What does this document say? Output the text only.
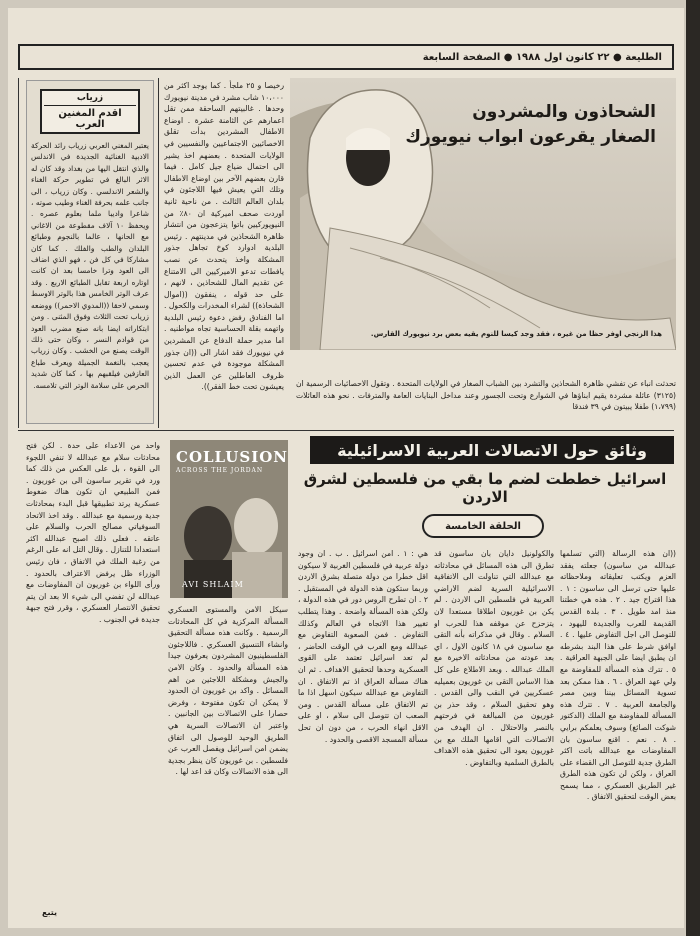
الطليعة ● ٢٢ كانون اول ١٩٨٨ ● الصفحة السابعة
الشحاذون والمشردون
الصغار يقرعون ابواب نيويورك
هذا الزنجي اوفر حظا من غيره ، فقد وجد كيسا للنوم يقيه بعض برد نيويورك القارس.
تحدثت انباء عن تفشي ظاهرة الشحاذين والتشرد بين الشباب الصغار في الولايات المتحدة . وتقول الاحصائيات الرسمية ان (٣١٢٥) عائلة مشردة يقيم ابناؤها في الشوارع وتحت الجسور وعند مداخل البنايات العامة والمترفات . نحو هذه العائلات (١،٧٩٩) طفلا يبيتون في ٣٩ فندقا
رخيصا و ٢٥ ملجأ . كما يوجد اكثر من ١٠،٠٠٠ شاب مشرد في مدينة نيويورك وحدها . غالبيتهم الساحقة ممن تقل اعمارهم عن الثامنة عشرة . اوضاع الاطفال المشردين بدأت تقلق الاخصائيين الاجتماعيين والنفسيين في الولايات المتحدة . بعضهم اخذ يشير الى احتمال ضياع جيل كامل . فيما قارن بعضهم الآخر بين اوضاع الاطفال وتلك التي يعيش فيها اللاجئون في بلدان العالم الثالث . من ناحية ثانية اوردت صحف اميركية ان ٨٠٪ من النيويوركيين باتوا يتزعجون من انتشار ظاهرة الشحاذين في مدينتهم . رئيس البلدية ادوارد كوخ تجاهل جذور المشكلة واخذ يتحدث عن نصب يافطات تدعو الاميركيين الى الامتناع عن تقديم المال للشحاذين ، لانهم ، على حد قوله ، ينفقون ((اموال الشحاذة)) لشراء المخدرات والكحول . اما الفنادق رفض دعوة رئيس البلدية واتهمه بقلة الحساسية تجاه مواطنيه . اما مدير حملة الدفاع عن المشردين في نيويورك فقد اشار الى ((ان جذور المشكلة موجودة في عدم تحسين ظروف العاطلين عن العمل الذين يعيشون تحت خط الفقر)).
زرياب
اقدم المغنين العرب
يعتبر المغني العربي زرياب رائد الحركة الادبية الغنائية الجديدة في الاندلس والذي انتقل اليها من بغداد وقد كان له الاثر البالغ في تطوير حركة الغناء والشعر الاندلسي . وكان زرياب ، الى جانب علمه بحرفة الغناء وطيب صوته ، شاعرا واديبا ملما بعلوم عصره . ويحفظ ١٠ آلاف مقطوعة من الاغاني مع الحانها ، عالما بالنجوم وطبائع البلدان والطب والفلك . كما كان مشاركا في كل فن ، فهو الذي اضاف الى العود وترا خامسا بعد ان كانت اوتاره اربعة تقابل الطبائع الاربع . وقد عرف الوتر الخامس هذا بالوتر الاوسط وسمي لاحقا ((المدوي الاحمر)) ووضعه زرياب تحت الثلاث وفوق المثنى . ومن ابتكاراته ايضا بانه صنع مضرب العود من قوادم النسر ، وكان حتى ذلك الوقت يصنع من الخشب . وكان زرياب يعجب بالنغمة الجميلة ويعرف طباع العازفين فيلقبهم بها ، كما كان شديد الحرص على سلامة الوتر التي تلامسه.
وثائق حول الاتصالات العربية الاسرائيلية
اسرائيل خططت لضم ما بقي من فلسطين لشرق الاردن
الحلقة الخامسة
COLLUSION
ACROSS THE JORDAN
AVI SHLAIM
((ان هذه الرسالة (التي تسلمها عبدالله من ساسون) جعلته يفقد العزم ويكتب تعليقاته وملاحظاته عليها حتى ترسل الى ساسون : ١ . هذا اقتراح جيد . ٢ . هذه هي خطتنا منذ امد طويل . ٣ . بلدة القدس القديمة للعرب والجديدة لليهود ، للتوصل الى اجل التفاوض عليها . ٤ . اوافق شرط على هذا البند بشرطه ان يطبق ايضا على الجبهة العراقية . ٥ . تترك هذه المسألة للمفاوضة مع ولي عهد العراق . ٦ . هذا ممكن بعد تسوية المسائل بيننا وبين مصر والجامعة العربية . ٧ . تترك هذه المسألة للمفاوضة مع الملك (الدكتور شوكت الصائغ) وسوف يعلمكم برايي . ٨ . نعم . اقنع ساسون بان المفاوضات مع عبدالله باتت اكثر الطرق جدية للتوصل الى القضاء على العراق ، ولكن لن تكون هذه الطرق غير الطريق العسكري ، مما يسمح بعض الوقت لتحقيق الاتفاق .
والكولونيل دايان بان ساسون قد تطرق الى هذه المسائل في محادثاته مع عبدالله التي تناولت الى الاتفاقية الاسرائيلية السرية لضم الاراضي العربية في فلسطين الى الاردن . لم يكن بن غوريون اطلاقا مستعدا لان يتزحزح عن موقفه هذا للحرب او السلام . وقال في مذكراته بأنه التقى مع ساسون في ١٨ كانون الاول ، اي بعد عودته من محادثاته الاخيرة مع الملك عبدالله . وبعد الاطلاع على كل هذا الاساس التقى بن غوريون بعميليه عسكريين في النقب والى القدس . وهو تحقيق السلام ، وقد حذر بن غوريون من المبالغة في فرحتهم بالنصر والاحتلال . ان الهدف من الاتصالات التي اقامها الملك مع بن غوريون يعود الى تحقيق هذه الاهداف بالطرق السلمية وبالتفاوض .
هي : ١ . امن اسرائيل . ب . ان وجود دولة عربية في فلسطين الغربية لا سيكون اقل خطرا من دولة متصلة بشرق الاردن وربما ستكون هذه الدولة في المستقبل . ٢ . ان تطرح الروس دور في هذه الدولة ، ولكن هذه المسألة واضحة . وهذا يتطلب تغيير هذا الاتجاه في العالم وكذلك التفاوض . فمن الصعوبة التفاوض مع عبدالله ومع العرب في الوقت الحاضر ، لم تعد اسرائيل تعتمد على القوى العسكرية وحدها لتحقيق الاهداف . ثم ان هناك مسألة العراق اذ تم الاتفاق . ان التفاوض مع عبدالله سيكون اسهل اذا ما تم الاتفاق على مسألة القدس . ومن الصعب ان تتوصل الى سلام ، او على الاقل انهاء الحرب ، من دون ان تحل مسألة المسجد الاقصى والحدود .
سيكل الامن والمستوى العسكري المسألة المركزية في كل المحادثات الرسمية . وكانت هذه مسألة التحقيق وانشاء التنسيق العسكري . فاللاجئون الفلسطينيون المشردون يعرفون جيدا هذه المسألة والحدود . وكان الامن والجيش ومشكلة اللاجئين من اهم المسائل . واكد بن غوريون ان الحدود لا يمكن ان تكون مفتوحة ، وفرض حصارا على الاتصالات بين الجانبين . واعتبر ان الاتصالات السرية هي الطريق الوحيد للوصول الى اتفاق يضمن امن اسرائيل ويفصل العرب عن فلسطين . بن غوريون كان ينظر بجدية الى هذه الاتصالات وكان قد اعد لها .
واحد من الاعداء على حدة . لكن فتح محادثات سلام مع عبدالله لا تنفي اللجوء الى القوة ، بل على العكس من ذلك كما ورد في تقرير ساسون الى بن غوريون . فمن الطبيعي ان تكون هناك ضغوط عسكرية يرتد تطبيقها قبل البدء بمحادثات جدية ورسمية مع عبدالله . وقد اخذ الاتحاد السوفياتي مصالح الحرب والسلام على عاتقه . فعلى ذلك اصبح عبدالله اكثر استعدادا للتنازل . وقال التل انه على الرغم من رغبة الملك في الاتفاق ، فان رئيس الوزراء ظل يرفض الاعتراف بالحدود . ورأى اللواء بن غوريون ان المفاوضات مع عبدالله لن تفضي الى شيء الا بعد ان يتم تحقيق الانتصار العسكري ، وقرر فتح جبهة جديدة في الجنوب .
يتبع
